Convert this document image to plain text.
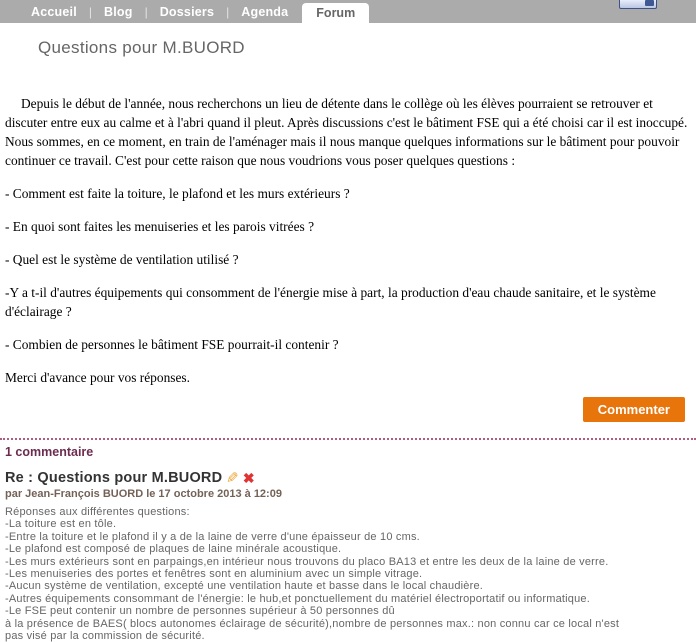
Accueil	| Blog	| Dossiers	| Agenda	Forum
Questions pour M.BUORD
Depuis le début de l'année, nous recherchons un lieu de détente dans le collège où les élèves pourraient se retrouver et discuter entre eux au calme et à l'abri quand il pleut. Après discussions c'est le bâtiment FSE qui a été choisi car il est inoccupé. Nous sommes, en ce moment, en train de l'aménager mais il nous manque quelques informations sur le bâtiment pour pouvoir continuer ce travail. C'est pour cette raison que nous voudrions vous poser quelques questions :
- Comment est faite la toiture, le plafond et les murs extérieurs ?
- En quoi sont faites les menuiseries et les parois vitrées ?
- Quel est le système de ventilation utilisé ?
-Y a t-il d'autres équipements qui consomment de l'énergie mise à part, la production d'eau chaude sanitaire, et le système d'éclairage ?
- Combien de personnes le bâtiment FSE pourrait-il contenir ?
Merci d'avance pour vos réponses.
Commenter
1 commentaire
Re : Questions pour M.BUORD ✎ ✖
par Jean-François BUORD le 17 octobre 2013 à 12:09
Réponses aux différentes questions:
-La toiture est en tôle.
-Entre la toiture et le plafond il y a de la laine de verre d'une épaisseur de 10 cms.
-Le plafond est composé de plaques de laine minérale acoustique.
-Les murs extérieurs sont en parpaings,en intérieur nous trouvons du placo BA13 et entre les deux de la laine de verre.
-Les menuiseries des portes et fenêtres sont en aluminium avec un simple vitrage.
-Aucun système de ventilation, excepté une ventilation haute et basse dans le local chaudière.
-Autres équipements consommant de l'énergie: le hub,et ponctuellement du matériel électroportatif ou informatique.
-Le FSE peut contenir un nombre de personnes supérieur à 50 personnes dû
à la présence de BAES( blocs autonomes éclairage de sécurité),nombre de personnes max.: non connu car ce local n'est
pas visé par la commission de sécurité.
